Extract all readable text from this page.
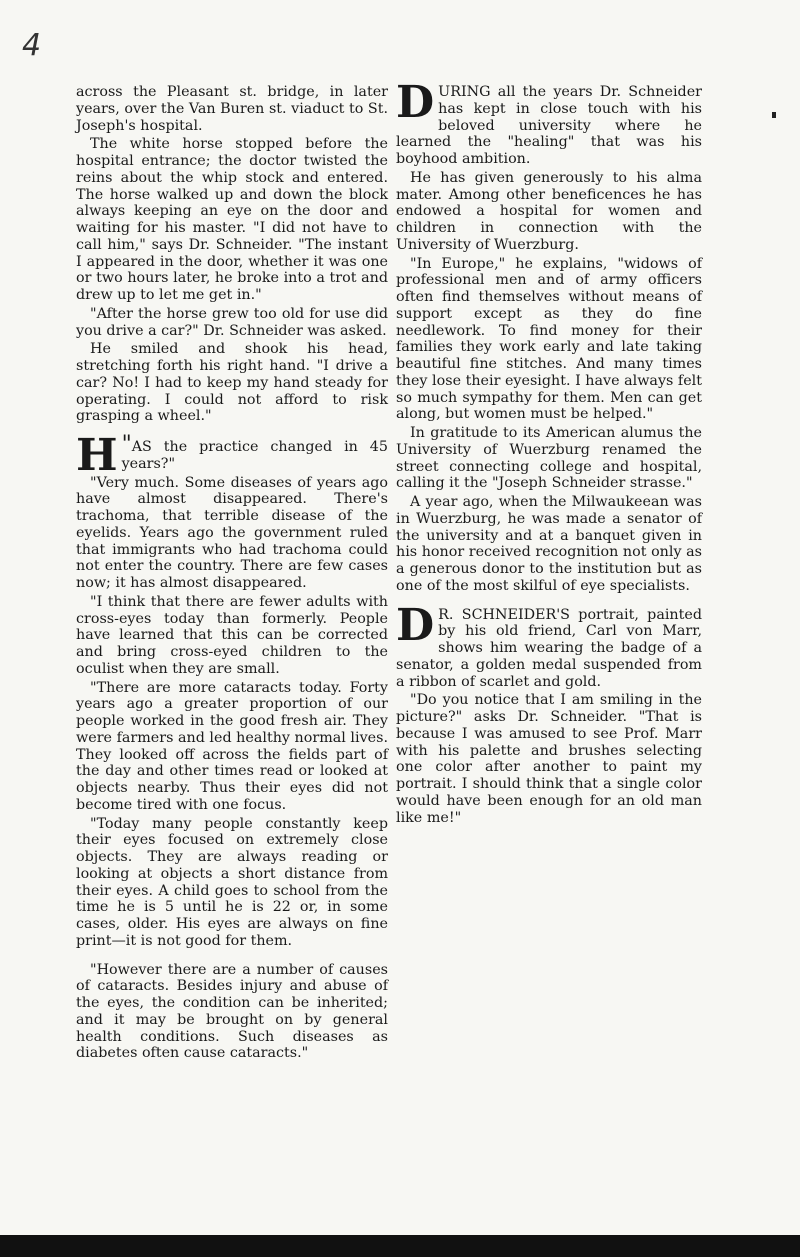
4

across the Pleasant st. bridge, in later years, over the Van Buren st. viaduct to St. Joseph's hospital.

The white horse stopped before the hospital entrance; the doctor twisted the reins about the whip stock and entered. The horse walked up and down the block always keeping an eye on the door and waiting for his master. "I did not have to call him," says Dr. Schneider. "The instant I appeared in the door, whether it was one or two hours later, he broke into a trot and drew up to let me get in."

"After the horse grew too old for use did you drive a car?" Dr. Schneider was asked.

He smiled and shook his head, stretching forth his right hand. "I drive a car? No! I had to keep my hand steady for operating. I could not afford to risk grasping a wheel."

"
H AS the practice changed in 45 years?"

"Very much. Some diseases of years ago have almost disappeared. There's trachoma, that terrible disease of the eyelids. Years ago the government ruled that immigrants who had trachoma could not enter the country. There are few cases now; it has almost disappeared.

"I think that there are fewer adults with cross-eyes today than formerly. People have learned that this can be corrected and bring cross-eyed children to the oculist when they are small.

"There are more cataracts today. Forty years ago a greater proportion of our people worked in the good fresh air. They were farmers and led healthy normal lives. They looked off across the fields part of the day and other times read or looked at objects nearby. Thus their eyes did not become tired with one focus.

"Today many people constantly keep their eyes focused on extremely close objects. They are always reading or looking at objects a short distance from their eyes. A child goes to school from the time he is 5 until he is 22 or, in some cases, older. His eyes are always on fine print—it is not good for them.

"However there are a number of causes of cataracts. Besides injury and abuse of the eyes, the condition can be inherited; and it may be brought on by general health conditions. Such diseases as diabetes often cause cataracts."

DURING all the years Dr. Schneider has kept in close touch with his beloved university where he learned the "healing" that was his boyhood ambition.

He has given generously to his alma mater. Among other beneficences he has endowed a hospital for women and children in connection with the University of Wuerzburg.

"In Europe," he explains, "widows of professional men and of army officers often find themselves without means of support except as they do fine needlework. To find money for their families they work early and late taking beautiful fine stitches. And many times they lose their eyesight. I have always felt so much sympathy for them. Men can get along, but women must be helped."

In gratitude to its American alumus the University of Wuerzburg renamed the street connecting college and hospital, calling it the "Joseph Schneider strasse."

A year ago, when the Milwaukeean was in Wuerzburg, he was made a senator of the university and at a banquet given in his honor received recognition not only as a generous donor to the institution but as one of the most skilful of eye specialists.

D R. SCHNEIDER'S portrait, painted by his old friend, Carl von Marr, shows him wearing the badge of a senator, a golden medal suspended from a ribbon of scarlet and gold.

"Do you notice that I am smiling in the picture?" asks Dr. Schneider. "That is because I was amused to see Prof. Marr with his palette and brushes selecting one color after another to paint my portrait. I should think that a single color would have been enough for an old man like me!"
